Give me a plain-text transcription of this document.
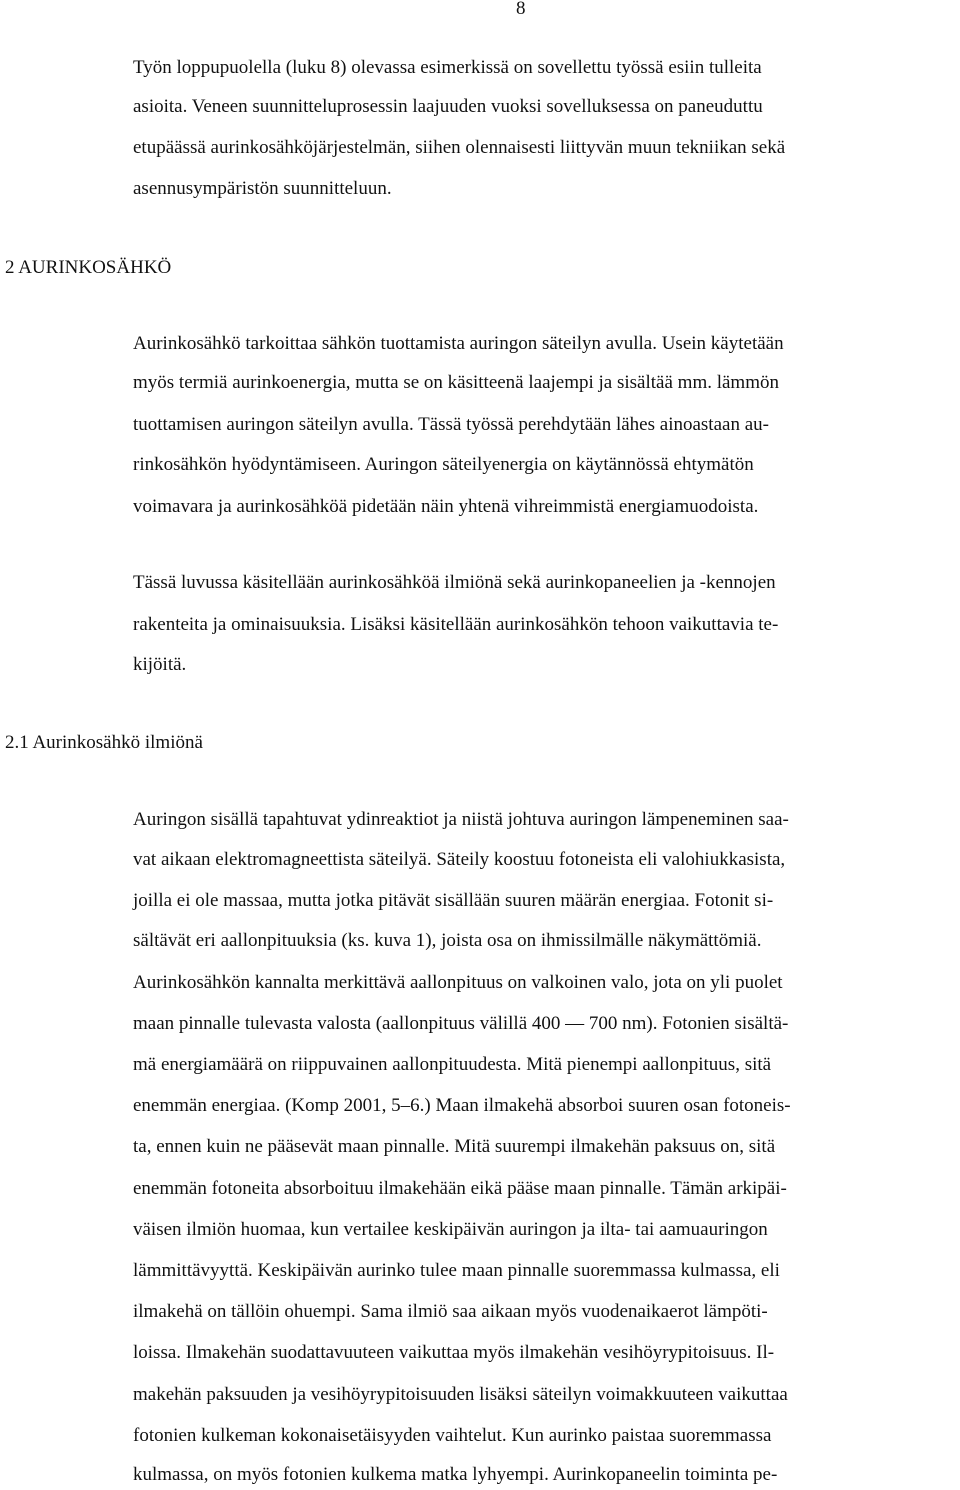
8
Työn loppupuolella (luku 8) olevassa esimerkissä on sovellettu työssä esiin tulleita
asioita. Veneen suunnitteluprosessin laajuuden vuoksi sovelluksessa on paneuduttu
etupäässä aurinkosähköjärjestelmän, siihen olennaisesti liittyvän muun tekniikan sekä
asennusympäristön suunnitteluun.
2 AURINKOSÄHKÖ
Aurinkosähkö tarkoittaa sähkön tuottamista auringon säteilyn avulla. Usein käytetään
myös termiä aurinkoenergia, mutta se on käsitteenä laajempi ja sisältää mm. lämmön
tuottamisen auringon säteilyn avulla. Tässä työssä perehdytään lähes ainoastaan au-
rinkosähkön hyödyntämiseen. Auringon säteilyenergia on käytännössä ehtymätön
voimavara ja aurinkosähköä pidetään näin yhtenä vihreimmistä energiamuodoista.
Tässä luvussa käsitellään aurinkosähköä ilmiönä sekä aurinkopaneelien ja -kennojen
rakenteita ja ominaisuuksia. Lisäksi käsitellään aurinkosähkön tehoon vaikuttavia te-
kijöitä.
2.1 Aurinkosähkö ilmiönä
Auringon sisällä tapahtuvat ydinreaktiot ja niistä johtuva auringon lämpeneminen saa-
vat aikaan elektromagneettista säteilyä. Säteily koostuu fotoneista eli valohiukkasista,
joilla ei ole massaa, mutta jotka pitävät sisällään suuren määrän energiaa. Fotonit si-
sältävät eri aallonpituuksia (ks. kuva 1), joista osa on ihmissilmälle näkymättömiä.
Aurinkosähkön kannalta merkittävä aallonpituus on valkoinen valo, jota on yli puolet
maan pinnalle tulevasta valosta (aallonpituus välillä 400 — 700 nm). Fotonien sisältä-
mä energiamäärä on riippuvainen aallonpituudesta. Mitä pienempi aallonpituus, sitä
enemmän energiaa. (Komp 2001, 5–6.) Maan ilmakehä absorboi suuren osan fotoneis-
ta, ennen kuin ne pääsevät maan pinnalle. Mitä suurempi ilmakehän paksuus on, sitä
enemmän fotoneita absorboituu ilmakehään eikä pääse maan pinnalle. Tämän arkipäi-
väisen ilmiön huomaa, kun vertailee keskipäivän auringon ja ilta- tai aamuauringon
lämmittävyyttä. Keskipäivän aurinko tulee maan pinnalle suoremmassa kulmassa, eli
ilmakehä on tällöin ohuempi. Sama ilmiö saa aikaan myös vuodenaikaerot lämpöti-
loissa. Ilmakehän suodattavuuteen vaikuttaa myös ilmakehän vesihöyrypitoisuus. Il-
makehän paksuuden ja vesihöyrypitoisuuden lisäksi säteilyn voimakkuuteen vaikuttaa
fotonien kulkeman kokonaisetäisyyden vaihtelut. Kun aurinko paistaa suoremmassa
kulmassa, on myös fotonien kulkema matka lyhyempi. Aurinkopaneelin toiminta pe-
